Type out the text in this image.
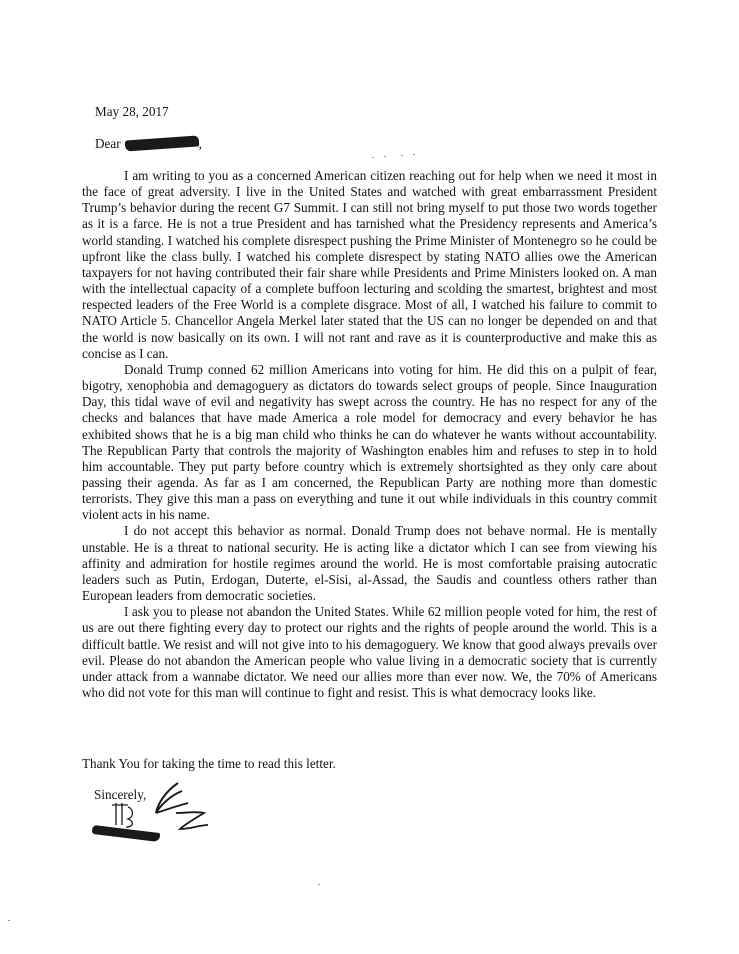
May 28, 2017
Dear	,

I am writing to you as a concerned American citizen reaching out for help when we need it most in the face of great adversity. I live in the United States and watched with great embarrassment President Trump’s behavior during the recent G7 Summit. I can still not bring myself to put those two words together as it is a farce. He is not a true President and has tarnished what the Presidency represents and America’s world standing. I watched his complete disrespect pushing the Prime Minister of Montenegro so he could be upfront like the class bully. I watched his complete disrespect by stating NATO allies owe the American taxpayers for not having contributed their fair share while Presidents and Prime Ministers looked on. A man with the intellectual capacity of a complete buffoon lecturing and scolding the smartest, brightest and most respected leaders of the Free World is a complete disgrace. Most of all, I watched his failure to commit to NATO Article 5. Chancellor Angela Merkel later stated that the US can no longer be depended on and that the world is now basically on its own. I will not rant and rave as it is counterproductive and make this as concise as I can.

Donald Trump conned 62 million Americans into voting for him. He did this on a pulpit of fear, bigotry, xenophobia and demagoguery as dictators do towards select groups of people. Since Inauguration Day, this tidal wave of evil and negativity has swept across the country. He has no respect for any of the checks and balances that have made America a role model for democracy and every behavior he has exhibited shows that he is a big man child who thinks he can do whatever he wants without accountability. The Republican Party that controls the majority of Washington enables him and refuses to step in to hold him accountable. They put party before country which is extremely shortsighted as they only care about passing their agenda. As far as I am concerned, the Republican Party are nothing more than domestic terrorists. They give this man a pass on everything and tune it out while individuals in this country commit violent acts in his name.

I do not accept this behavior as normal. Donald Trump does not behave normal. He is mentally unstable. He is a threat to national security. He is acting like a dictator which I can see from viewing his affinity and admiration for hostile regimes around the world. He is most comfortable praising autocratic leaders such as Putin, Erdogan, Duterte, el-Sisi, al-Assad, the Saudis and countless others rather than European leaders from democratic societies.

I ask you to please not abandon the United States. While 62 million people voted for him, the rest of us are out there fighting every day to protect our rights and the rights of people around the world. This is a difficult battle. We resist and will not give into to his demagoguery. We know that good always prevails over evil. Please do not abandon the American people who value living in a democratic society that is currently under attack from a wannabe dictator. We need our allies more than ever now. We, the 70% of Americans who did not vote for this man will continue to fight and resist. This is what democracy looks like.

Thank You for taking the time to read this letter.
Sincerely,
